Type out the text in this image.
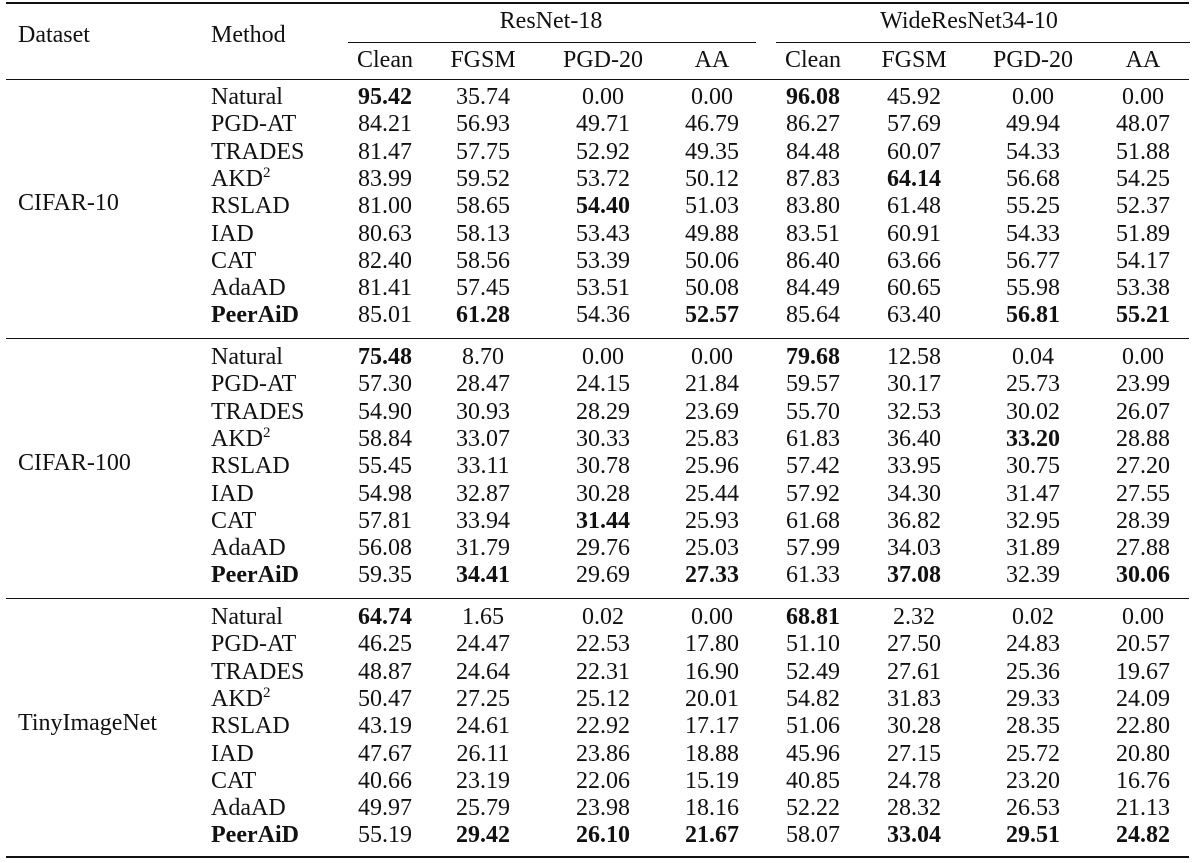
Dataset	Method
ResNet-18	WideResNet34-10
Clean FGSM PGD-20 AA Clean FGSM PGD-20 AA
CIFAR-10
Natural	95.42 35.74	0.00	0.00 96.08 45.92	0.00	0.00
PGD-AT	84.21 56.93	49.71 46.79 86.27 57.69	49.94 48.07
TRADES 81.47 57.75	52.92 49.35 84.48 60.07	54.33 51.88
AKD$^2$	83.99 59.52	53.72 50.12 87.83 64.14	56.68 54.25
RSLAD	81.00 58.65	54.40 51.03 83.80 61.48	55.25 52.37
IAD	80.63 58.13	53.43 49.88 83.51 60.91	54.33 51.89
CAT	82.40 58.56	53.39 50.06 86.40 63.66	56.77 54.17
AdaAD	81.41 57.45	53.51 50.08 84.49 60.65	55.98 53.38
PeerAiD 85.01 61.28	54.36 52.57 85.64 63.40	56.81 55.21
CIFAR-100
Natural	75.48 8.70	0.00	0.00 79.68 12.58	0.04	0.00
PGD-AT	57.30 28.47	24.15 21.84 59.57 30.17	25.73 23.99
TRADES 54.90 30.93	28.29 23.69 55.70 32.53	30.02 26.07
AKD$^2$	58.84 33.07	30.33 25.83 61.83 36.40	33.20 28.88
RSLAD	55.45 33.11	30.78 25.96 57.42 33.95	30.75 27.20
IAD	54.98 32.87	30.28 25.44 57.92 34.30	31.47 27.55
CAT	57.81 33.94	31.44 25.93 61.68 36.82	32.95 28.39
AdaAD	56.08 31.79	29.76 25.03 57.99 34.03	31.89 27.88
PeerAiD 59.35 34.41	29.69 27.33 61.33 37.08	32.39 30.06
TinyImageNet
Natural	64.74 1.65	0.02	0.00 68.81 2.32	0.02	0.00
PGD-AT	46.25 24.47	22.53 17.80 51.10 27.50	24.83 20.57
TRADES 48.87 24.64	22.31 16.90 52.49 27.61	25.36 19.67
AKD$^2$	50.47 27.25	25.12 20.01 54.82 31.83	29.33 24.09
RSLAD	43.19 24.61	22.92 17.17 51.06 30.28	28.35 22.80
IAD	47.67 26.11	23.86 18.88 45.96 27.15	25.72 20.80
CAT	40.66 23.19	22.06 15.19 40.85 24.78	23.20 16.76
AdaAD	49.97 25.79	23.98 18.16 52.22 28.32	26.53 21.13
PeerAiD 55.19 29.42	26.10 21.67 58.07 33.04	29.51 24.82
